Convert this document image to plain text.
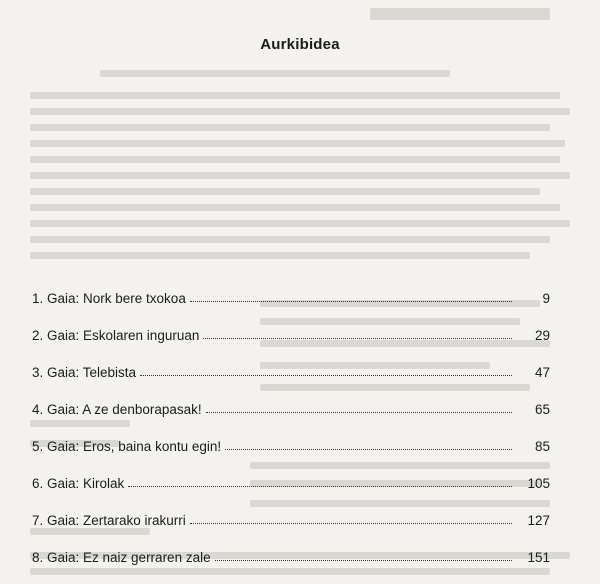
Aurkibidea
1. Gaia: Nork bere txokoa	9
2. Gaia: Eskolaren inguruan	29
3. Gaia: Telebista	47
4. Gaia: A ze denborapasak!	65
5. Gaia: Eros, baina kontu egin!	85
6. Gaia: Kirolak	105
7. Gaia: Zertarako irakurri	127
8. Gaia: Ez naiz gerraren zale	151
